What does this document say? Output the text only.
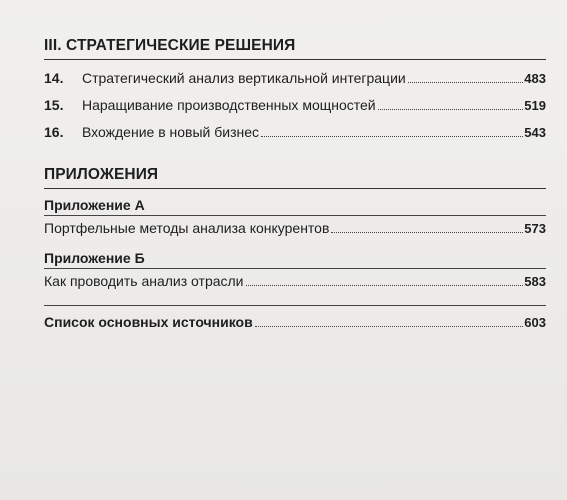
III. СТРАТЕГИЧЕСКИЕ РЕШЕНИЯ
14.	Стратегический анализ вертикальной интеграции	483
15.	Наращивание производственных мощностей	519
16.	Вхождение в новый бизнес	543
ПРИЛОЖЕНИЯ
Приложение А
Портфельные методы анализа конкурентов	573
Приложение Б
Как проводить анализ отрасли	583
Список основных источников	603
